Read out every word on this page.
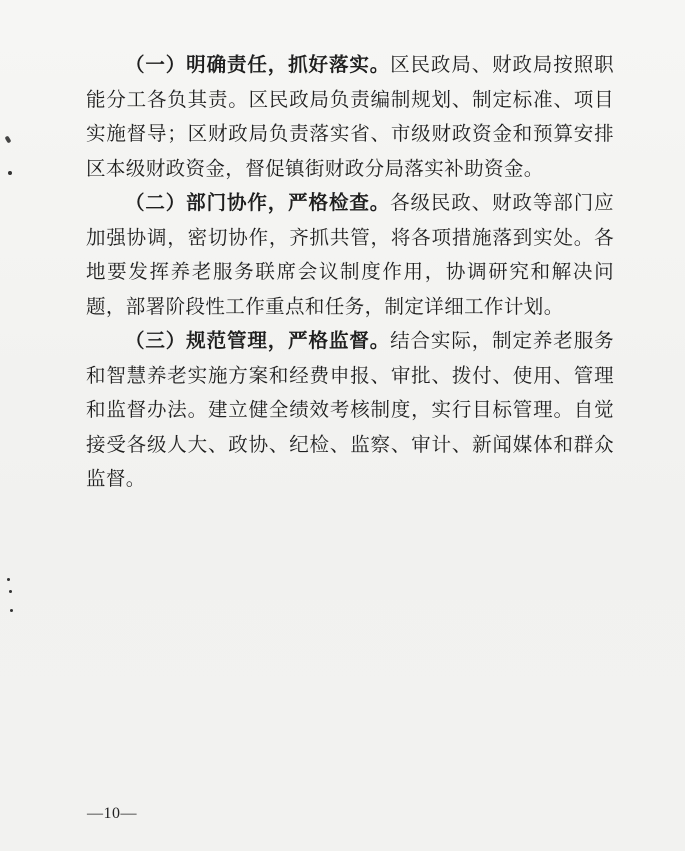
（一）明确责任，抓好落实。区民政局、财政局按照职能分工各负其责。区民政局负责编制规划、制定标准、项目实施督导；区财政局负责落实省、市级财政资金和预算安排区本级财政资金，督促镇街财政分局落实补助资金。

（二）部门协作，严格检查。各级民政、财政等部门应加强协调，密切协作，齐抓共管，将各项措施落到实处。各地要发挥养老服务联席会议制度作用，协调研究和解决问题，部署阶段性工作重点和任务，制定详细工作计划。

（三）规范管理，严格监督。结合实际，制定养老服务和智慧养老实施方案和经费申报、审批、拨付、使用、管理和监督办法。建立健全绩效考核制度，实行目标管理。自觉接受各级人大、政协、纪检、监察、审计、新闻媒体和群众监督。

—10—
